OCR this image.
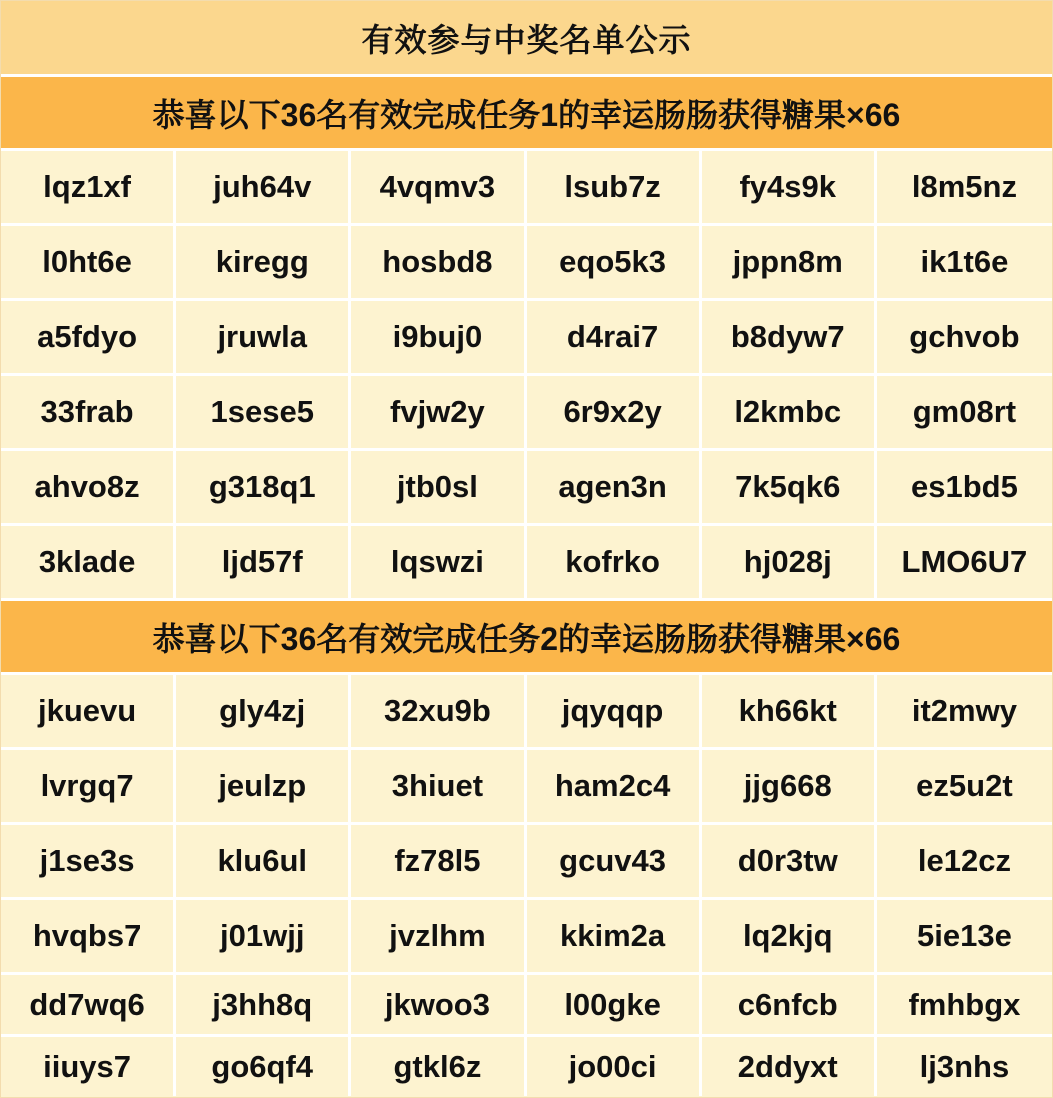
有效参与中奖名单公示
恭喜以下36名有效完成任务1的幸运肠肠获得糖果×66
lqz1xf	juh64v	4vqmv3	lsub7z	fy4s9k	l8m5nz
l0ht6e	kiregg	hosbd8	eqo5k3	jppn8m	ik1t6e
a5fdyo	jruwla	i9buj0	d4rai7	b8dyw7	gchvob
33frab	1sese5	fvjw2y	6r9x2y	l2kmbc	gm08rt
ahvo8z	g318q1	jtb0sl	agen3n	7k5qk6	es1bd5
3klade	ljd57f	lqswzi	kofrko	hj028j	LMO6U7
恭喜以下36名有效完成任务2的幸运肠肠获得糖果×66
jkuevu	gly4zj	32xu9b	jqyqqp	kh66kt	it2mwy
lvrgq7	jeulzp	3hiuet	ham2c4	jjg668	ez5u2t
j1se3s	klu6ul	fz78l5	gcuv43	d0r3tw	le12cz
hvqbs7	j01wjj	jvzlhm	kkim2a	lq2kjq	5ie13e
dd7wq6	j3hh8q	jkwoo3	l00gke	c6nfcb	fmhbgx
iiuys7	go6qf4	gtkl6z	jo00ci	2ddyxt	lj3nhs
